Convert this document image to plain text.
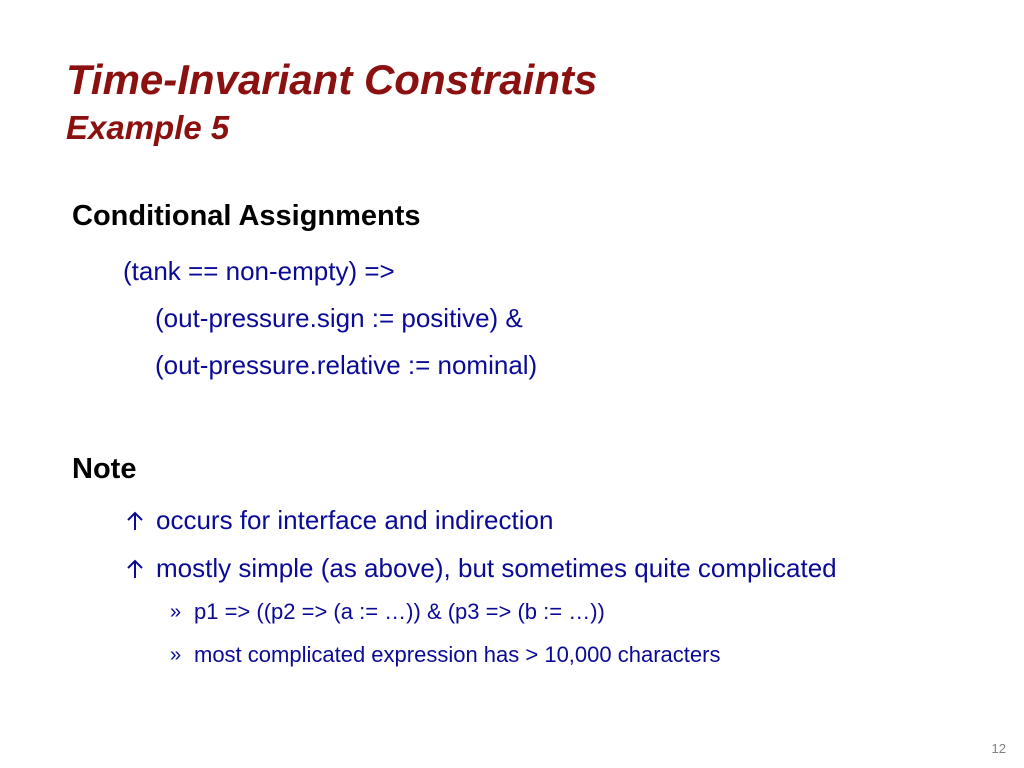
Time-Invariant Constraints
Example 5
Conditional Assignments
(tank == non-empty) =>
(out-pressure.sign := positive) &
(out-pressure.relative := nominal)
Note
occurs for interface and indirection
mostly simple (as above), but sometimes quite complicated
» p1 => ((p2 => (a := …)) & (p3 => (b := …))
» most complicated expression has > 10,000 characters
12
